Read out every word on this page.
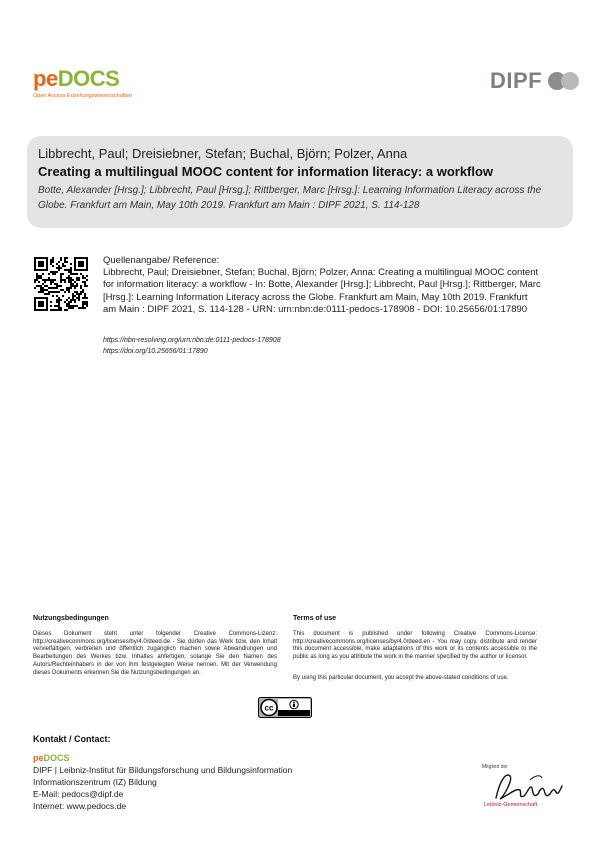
peDOCS
Open Access Erziehungswissenschaften
DIPF
Libbrecht, Paul; Dreisiebner, Stefan; Buchal, Björn; Polzer, Anna
Creating a multilingual MOOC content for information literacy: a workflow
Botte, Alexander [Hrsg.]; Libbrecht, Paul [Hrsg.]; Rittberger, Marc [Hrsg.]: Learning Information Literacy across the Globe. Frankfurt am Main, May 10th 2019. Frankfurt am Main : DIPF 2021, S. 114-128
Quellenangabe/ Reference:
Libbrecht, Paul; Dreisiebner, Stefan; Buchal, Björn; Polzer, Anna: Creating a multilingual MOOC content for information literacy: a workflow - In: Botte, Alexander [Hrsg.]; Libbrecht, Paul [Hrsg.]; Rittberger, Marc [Hrsg.]: Learning Information Literacy across the Globe. Frankfurt am Main, May 10th 2019. Frankfurt am Main : DIPF 2021, S. 114-128 - URN: urn:nbn:de:0111-pedocs-178908 - DOI: 10.25656/01:17890
https://nbn-resolving.org/urn:nbn:de:0111-pedocs-178908
https://doi.org/10.25656/01:17890
Nutzungsbedingungen
Dieses Dokument steht unter folgender Creative Commons-Lizenz: http://creativecommons.org/licenses/by/4.0/deed.de - Sie dürfen das Werk bzw. den Inhalt vervielfältigen, verbreiten und öffentlich zugänglich machen sowie Abwandlungen und Bearbeitungen des Werkes bzw. Inhaltes anfertigen, solange Sie den Namen des Autors/Rechteinhabers in der von ihm festgelegten Weise nennen. Mit der Verwendung dieses Dokuments erkennen Sie die Nutzungsbedingungen an.
Terms of use
This document is published under following Creative Commons-License: http://creativecommons.org/licenses/by/4.0/deed.en - You may copy, distribute and render this document accessible, make adaptations of this work or its contents accessible to the public as long as you attribute the work in the manner specified by the author or licensor.
By using this particular document, you accept the above-stated conditions of use.
cc
Kontakt / Contact:
peDOCS
DIPF | Leibniz-Institut für Bildungsforschung und Bildungsinformation
Informationszentrum (IZ) Bildung
E-Mail: pedocs@dipf.de
Internet: www.pedocs.de
Mitglied der
Leibniz-Gemeinschaft
